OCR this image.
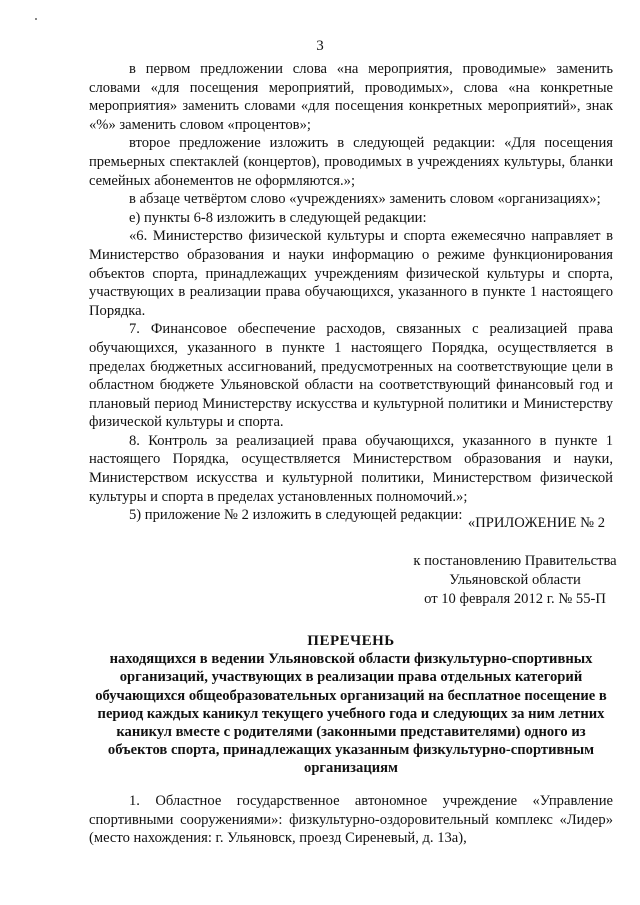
3

в первом предложении слова «на мероприятия, проводимые» заменить словами «для посещения мероприятий, проводимых», слова «на конкретные мероприятия» заменить словами «для посещения конкретных мероприятий», знак «%» заменить словом «процентов»;

второе предложение изложить в следующей редакции: «Для посещения премьерных спектаклей (концертов), проводимых в учреждениях культуры, бланки семейных абонементов не оформляются.»;

в абзаце четвёртом слово «учреждениях» заменить словом «организациях»;

е) пункты 6-8 изложить в следующей редакции:

«6. Министерство физической культуры и спорта ежемесячно направляет в Министерство образования и науки информацию о режиме функционирования объектов спорта, принадлежащих учреждениям физической культуры и спорта, участвующих в реализации права обучающихся, указанного в пункте 1 настоящего Порядка.

7. Финансовое обеспечение расходов, связанных с реализацией права обучающихся, указанного в пункте 1 настоящего Порядка, осуществляется в пределах бюджетных ассигнований, предусмотренных на соответствующие цели в областном бюджете Ульяновской области на соответствующий финансовый год и плановый период Министерству искусства и культурной политики и Министерству физической культуры и спорта.

8. Контроль за реализацией права обучающихся, указанного в пункте 1 настоящего Порядка, осуществляется Министерством образования и науки, Министерством искусства и культурной политики, Министерством физической культуры и спорта в пределах установленных полномочий.»;

5) приложение № 2 изложить в следующей редакции: «ПРИЛОЖЕНИЕ № 2
к постановлению Правительства
Ульяновской области
от 10 февраля 2012 г. № 55-П
ПЕРЕЧЕНЬ
находящихся в ведении Ульяновской области физкультурно-спортивных организаций, участвующих в реализации права отдельных категорий обучающихся общеобразовательных организаций на бесплатное посещение в период каждых каникул текущего учебного года и следующих за ним летних каникул вместе с родителями (законными представителями) одного из объектов спорта, принадлежащих указанным физкультурно-спортивным организациям

1. Областное государственное автономное учреждение «Управление спортивными сооружениями»: физкультурно-оздоровительный комплекс «Лидер» (место нахождения: г. Ульяновск, проезд Сиреневый, д. 13а),
